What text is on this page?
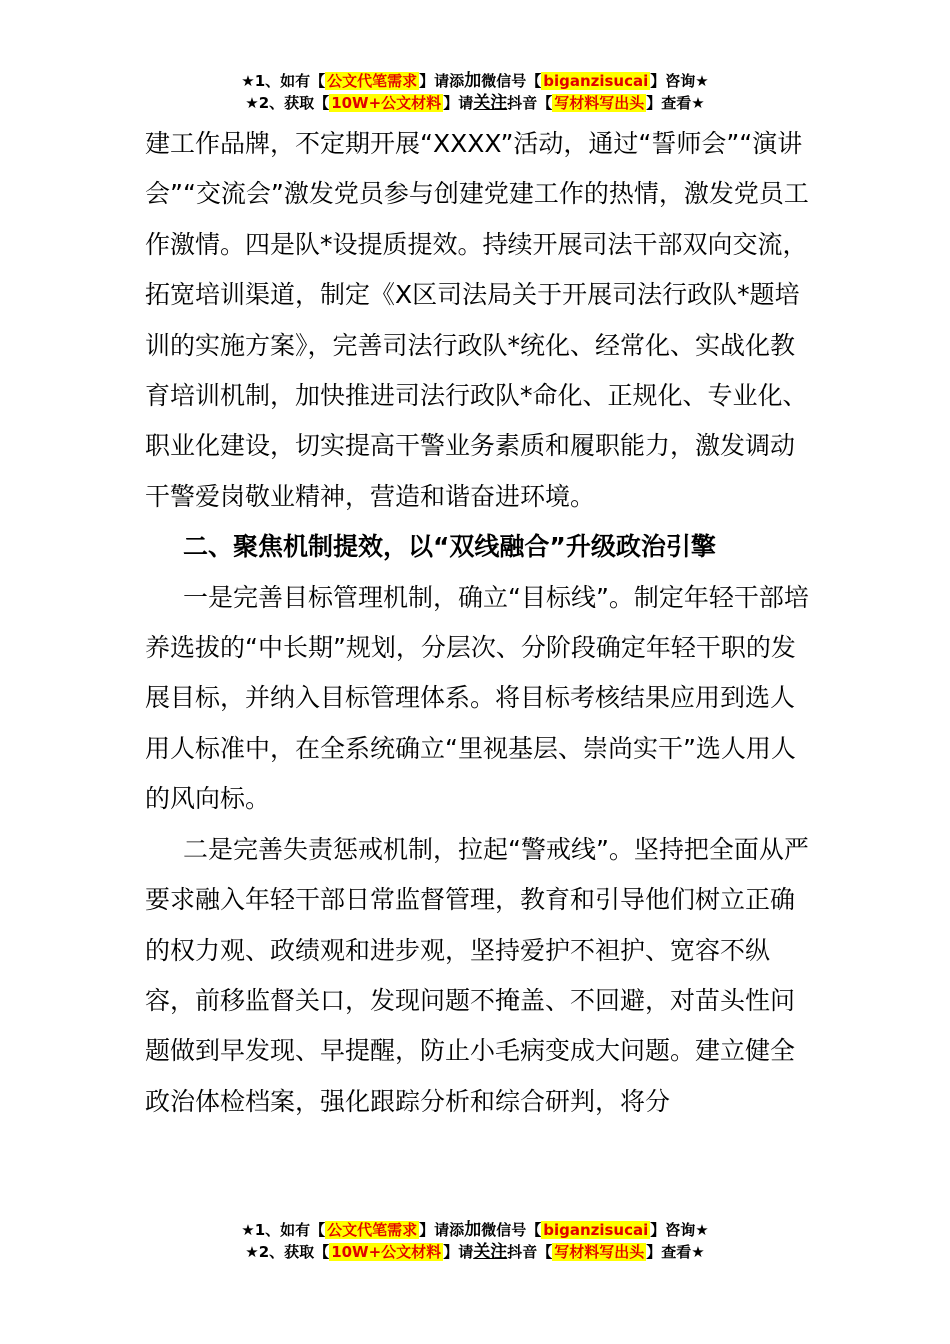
★1、如有【 公文代笔需求 】请添加微信号【 biganzisucai 】咨询★
★2、获取【 10W+公文材料 】请关注抖音【 写材料写出头 】查看★

建工作品牌，不定期开展“XXXX”活动，通过“誓师会”“演讲会”“交流会”激发党员参与创建党建工作的热情，激发党员工作激情。四是队*设提质提效。持续开展司法干部双向交流，拓宽培训渠道，制定《X区司法局关于开展司法行政队*题培训的实施方案》，完善司法行政队*统化、经常化、实战化教育培训机制，加快推进司法行政队*命化、正规化、专业化、职业化建设，切实提高干警业务素质和履职能力，激发调动干警爱岗敬业精神，营造和谐奋进环境。

二、聚焦机制提效，以“双线融合”升级政治引擎

一是完善目标管理机制，确立“目标线”。制定年轻干部培养选拔的“中长期”规划，分层次、分阶段确定年轻干职的发展目标，并纳入目标管理体系。将目标考核结果应用到选人用人标准中，在全系统确立“里视基层、崇尚实干”选人用人的风向标。

二是完善失责惩戒机制，拉起“警戒线”。坚持把全面从严要求融入年轻干部日常监督管理，教育和引导他们树立正确的权力观、政绩观和进步观，坚持爱护不袒护、宽容不纵容，前移监督关口，发现问题不掩盖、不回避，对苗头性问题做到早发现、早提醒，防止小毛病变成大问题。建立健全政治体检档案，强化跟踪分析和综合研判，将分

★1、如有【 公文代笔需求 】请添加微信号【 biganzisucai 】咨询★
★2、获取【 10W+公文材料 】请关注抖音【 写材料写出头 】查看★
